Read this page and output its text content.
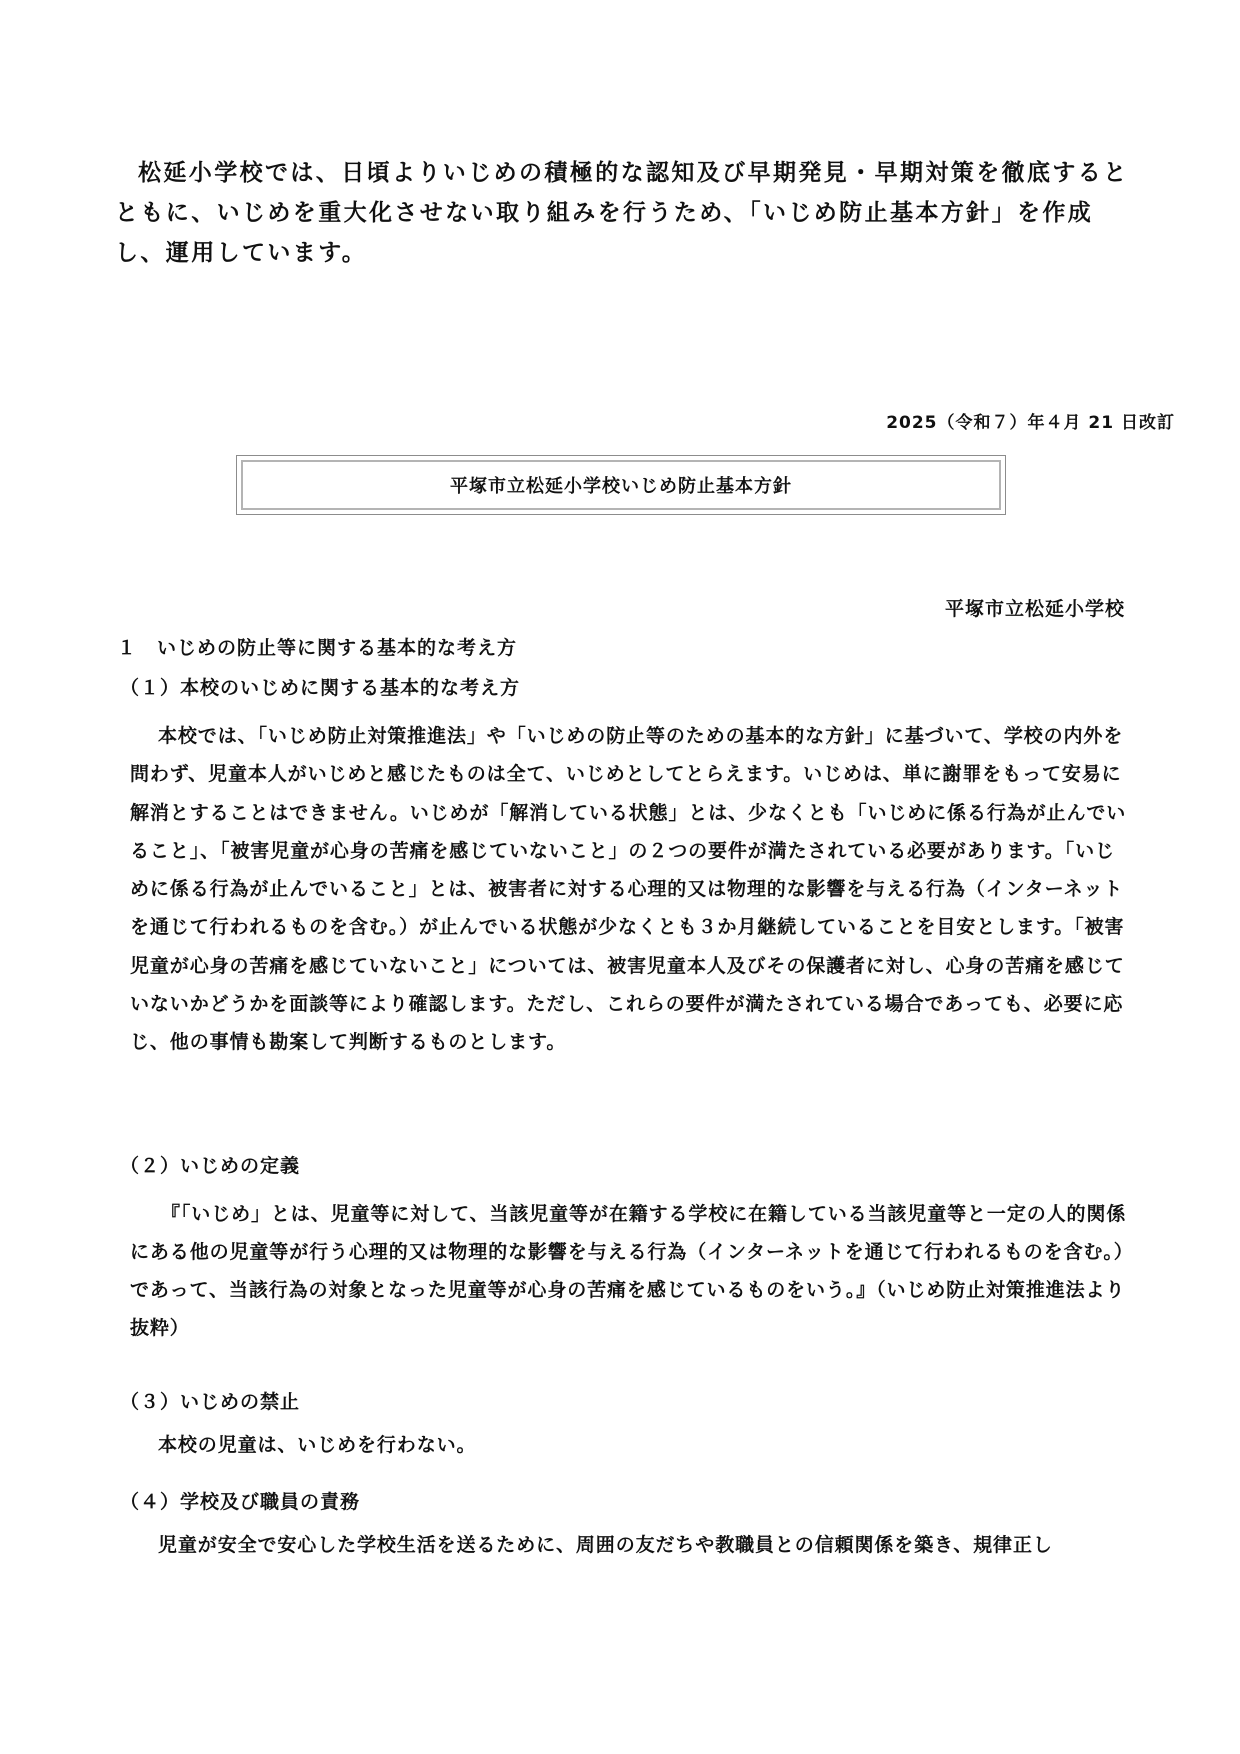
松延小学校では、日頃よりいじめの積極的な認知及び早期発見・早期対策を徹底するとともに、いじめを重大化させない取り組みを行うため、「いじめ防止基本方針」を作成し、運用しています。

2025（令和７）年４月 21 日改訂

平塚市立松延小学校いじめ防止基本方針

平塚市立松延小学校

１ いじめの防止等に関する基本的な考え方

（１）本校のいじめに関する基本的な考え方

本校では、「いじめ防止対策推進法」や「いじめの防止等のための基本的な方針」に基づいて、学校の内外を問わず、児童本人がいじめと感じたものは全て、いじめとしてとらえます。いじめは、単に謝罪をもって安易に解消とすることはできません。いじめが「解消している状態」とは、少なくとも「いじめに係る行為が止んでいること」、「被害児童が心身の苦痛を感じていないこと」の２つの要件が満たされている必要があります。「いじめに係る行為が止んでいること」とは、被害者に対する心理的又は物理的な影響を与える行為（インターネットを通じて行われるものを含む。）が止んでいる状態が少なくとも３か月継続していることを目安とします。「被害児童が心身の苦痛を感じていないこと」については、被害児童本人及びその保護者に対し、心身の苦痛を感じていないかどうかを面談等により確認します。ただし、これらの要件が満たされている場合であっても、必要に応じ、他の事情も勘案して判断するものとします。

（２）いじめの定義

『「いじめ」とは、児童等に対して、当該児童等が在籍する学校に在籍している当該児童等と一定の人的関係にある他の児童等が行う心理的又は物理的な影響を与える行為（インターネットを通じて行われるものを含む。）であって、当該行為の対象となった児童等が心身の苦痛を感じているものをいう。』（いじめ防止対策推進法より抜粋）

（３）いじめの禁止

本校の児童は、いじめを行わない。

（４）学校及び職員の責務

児童が安全で安心した学校生活を送るために、周囲の友だちや教職員との信頼関係を築き、規律正し
